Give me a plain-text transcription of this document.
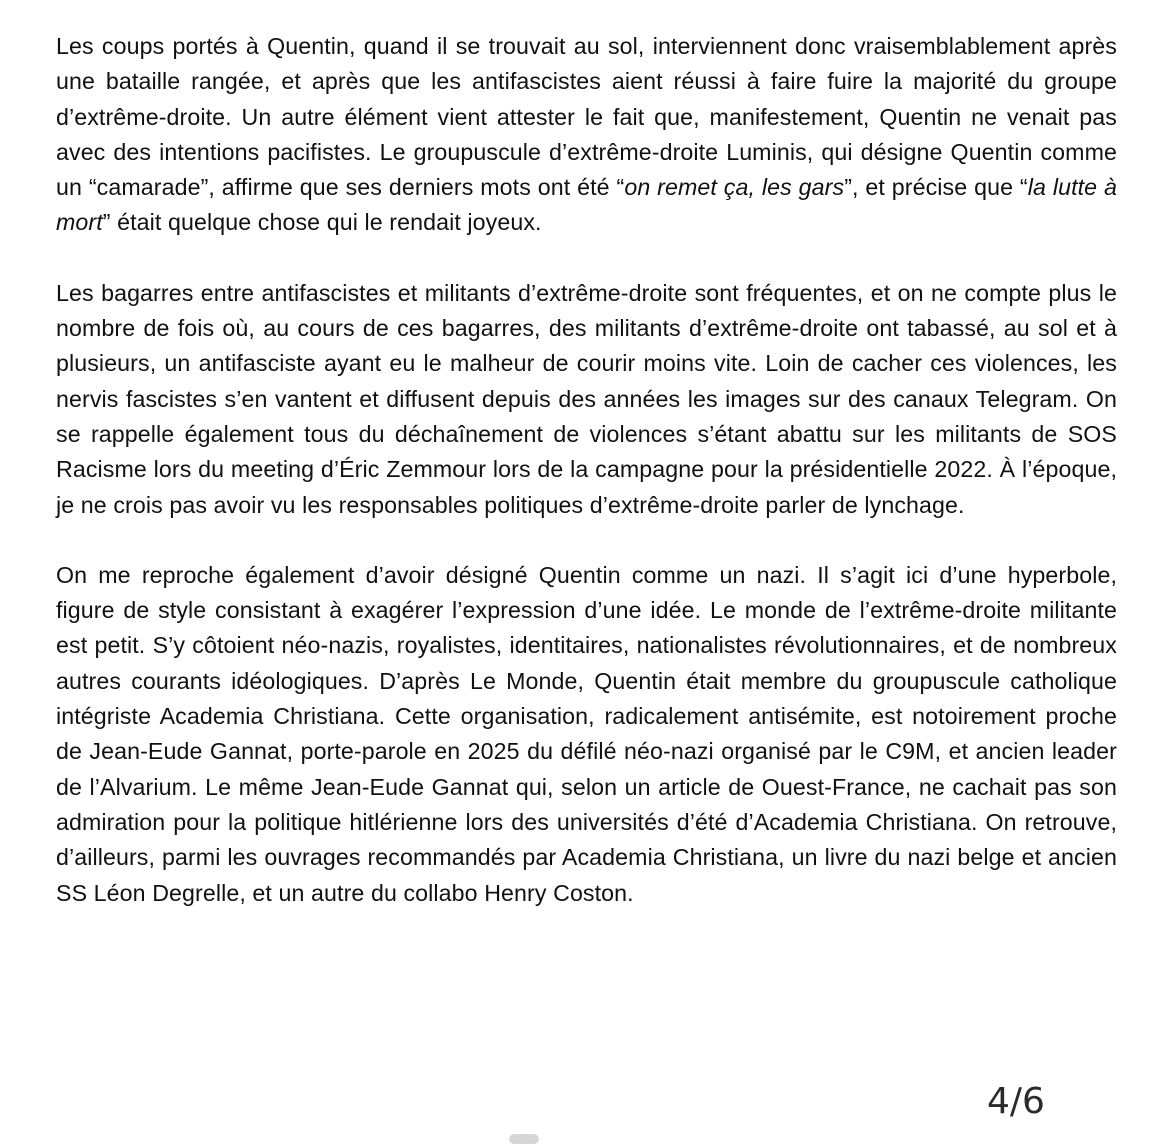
Les coups portés à Quentin, quand il se trouvait au sol, interviennent donc vraisemblablement après une bataille rangée, et après que les antifascistes aient réussi à faire fuire la majorité du groupe d’extrême-droite. Un autre élément vient attester le fait que, manifestement, Quentin ne venait pas avec des intentions pacifistes. Le groupuscule d’extrême-droite Luminis, qui désigne Quentin comme un “camarade”, affirme que ses derniers mots ont été “on remet ça, les gars”, et précise que “la lutte à mort” était quelque chose qui le rendait joyeux.

Les bagarres entre antifascistes et militants d’extrême-droite sont fréquentes, et on ne compte plus le nombre de fois où, au cours de ces bagarres, des militants d’extrême-droite ont tabassé, au sol et à plusieurs, un antifasciste ayant eu le malheur de courir moins vite. Loin de cacher ces violences, les nervis fascistes s’en vantent et diffusent depuis des années les images sur des canaux Telegram. On se rappelle également tous du déchaînement de violences s’étant abattu sur les militants de SOS Racisme lors du meeting d’Éric Zemmour lors de la campagne pour la présidentielle 2022. À l’époque, je ne crois pas avoir vu les responsables politiques d’extrême-droite parler de lynchage.

On me reproche également d’avoir désigné Quentin comme un nazi. Il s’agit ici d’une hyperbole, figure de style consistant à exagérer l’expression d’une idée. Le monde de l’extrême-droite militante est petit. S’y côtoient néo-nazis, royalistes, identitaires, nationalistes révolutionnaires, et de nombreux autres courants idéologiques. D’après Le Monde, Quentin était membre du groupuscule catholique intégriste Academia Christiana. Cette organisation, radicalement antisémite, est notoirement proche de Jean-Eude Gannat, porte-parole en 2025 du défilé néo-nazi organisé par le C9M, et ancien leader de l’Alvarium. Le même Jean-Eude Gannat qui, selon un article de Ouest-France, ne cachait pas son admiration pour la politique hitlérienne lors des universités d’été d’Academia Christiana. On retrouve, d’ailleurs, parmi les ouvrages recommandés par Academia Christiana, un livre du nazi belge et ancien SS Léon Degrelle, et un autre du collabo Henry Coston.

4/6
